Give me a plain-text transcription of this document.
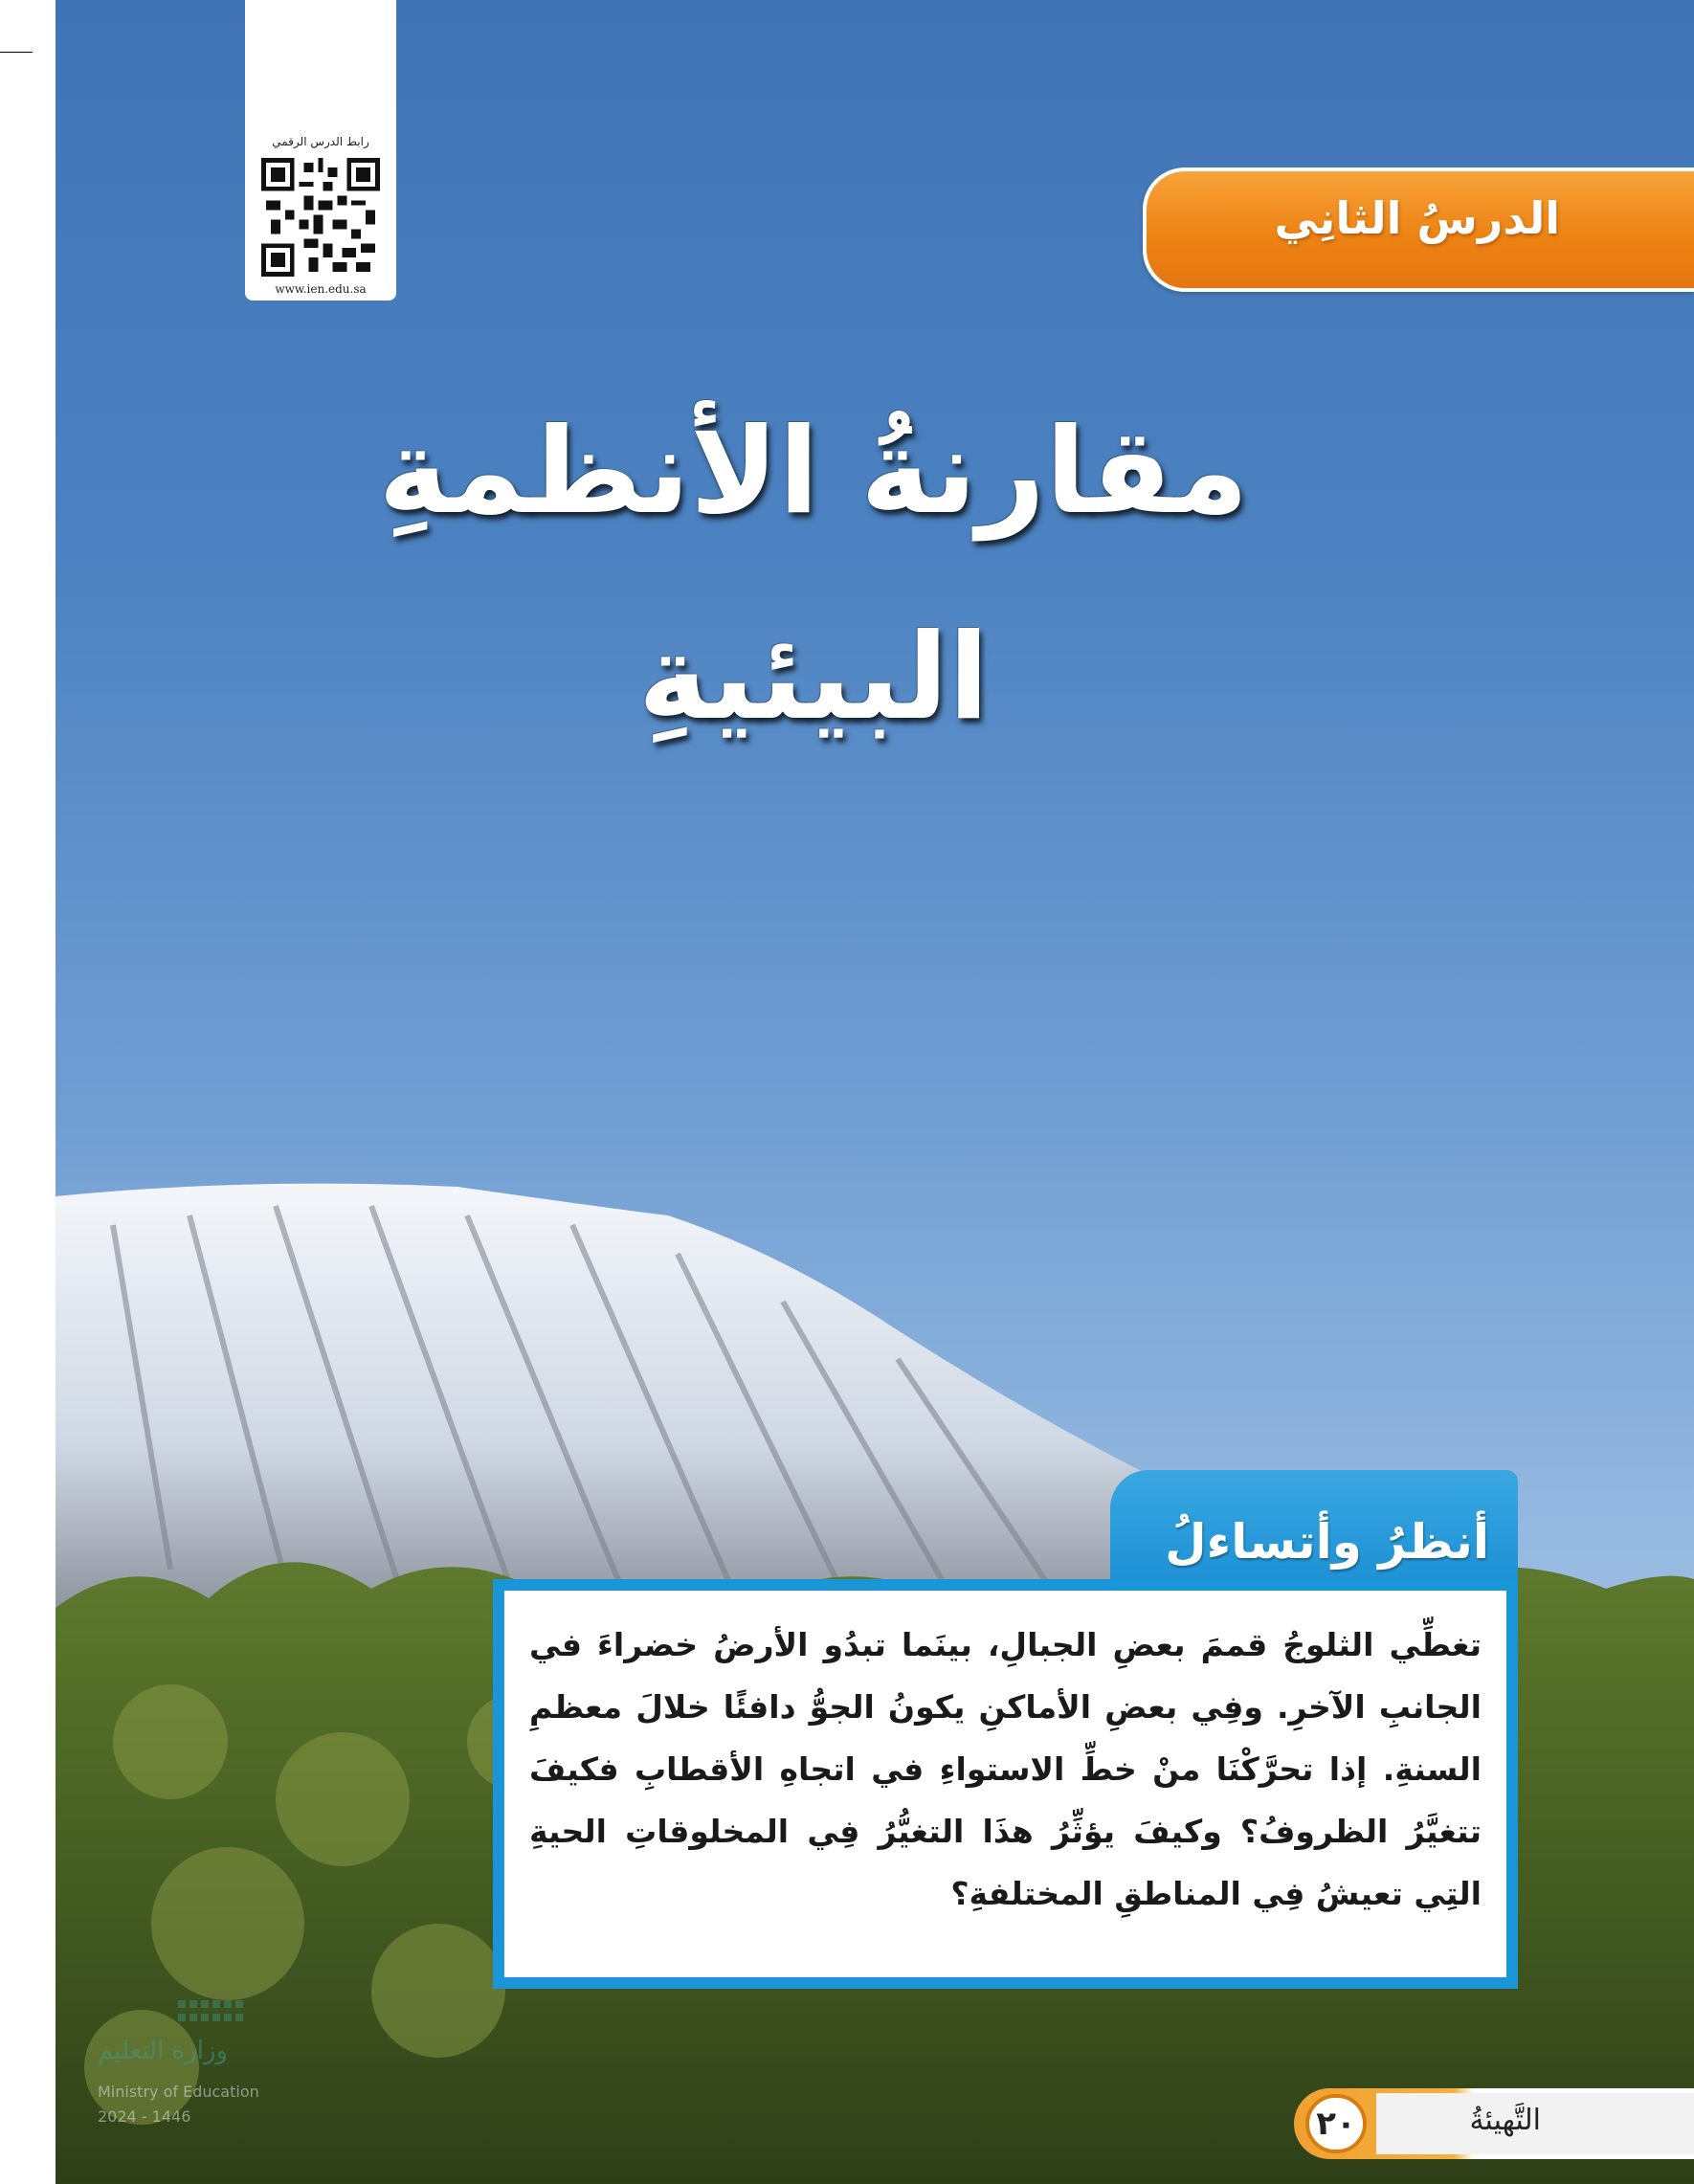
رابط الدرس الرقمي
www.ien.edu.sa
الدرسُ الثانِي
مقارنةُ الأنظمةِ
البيئيةِ
أنظرُ وأتساءلُ
تغطِّي الثلوجُ قممَ بعضِ الجبالِ، بينَما تبدُو الأرضُ خضراءَ في الجانبِ الآخرِ. وفِي بعضِ الأماكنِ يكونُ الجوُّ دافئًا خلالَ معظمِ السنةِ. إذا تحرَّكْنَا منْ خطِّ الاستواءِ في اتجاهِ الأقطابِ فكيفَ تتغيَّرُ الظروفُ؟ وكيفَ يؤثِّرُ هذَا التغيُّرُ فِي المخلوقاتِ الحيةِ التِي تعيشُ فِي المناطقِ المختلفةِ؟
وزارة التعليم
Ministry of Education
2024 - 1446	٢٠	التَّهيئةُ
